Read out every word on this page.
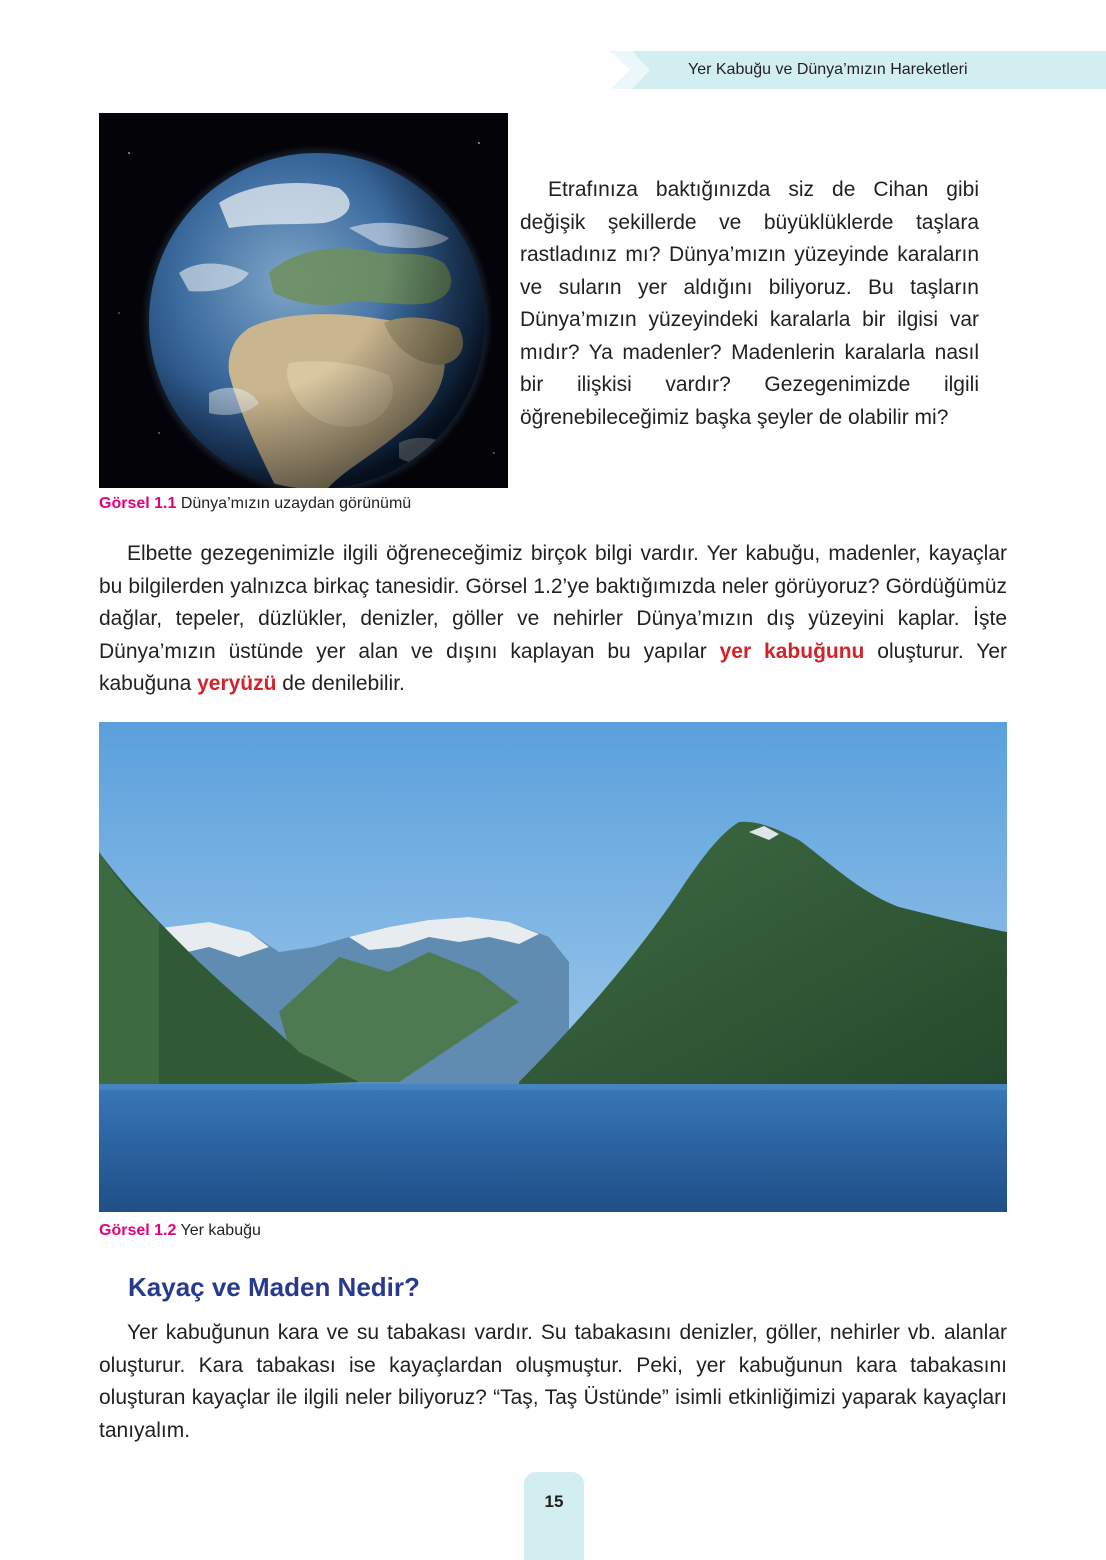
Yer Kabuğu ve Dünya’mızın Hareketleri
Görsel 1.1 Dünya’mızın uzaydan görünümü

Etrafınıza baktığınızda siz de Cihan gibi değişik şekillerde ve büyüklüklerde taşlara rastladınız mı? Dünya’mızın yüzeyinde karaların ve suların yer aldığını biliyoruz. Bu taşların Dünya’mızın yüzeyindeki karalarla bir ilgisi var mıdır? Ya madenler? Madenlerin karalarla nasıl bir ilişkisi vardır? Gezegenimizde ilgili öğrenebileceğimiz başka şeyler de olabilir mi?

Elbette gezegenimizle ilgili öğreneceğimiz birçok bilgi vardır. Yer kabuğu, madenler, kayaçlar bu bilgilerden yalnızca birkaç tanesidir. Görsel 1.2’ye baktığımızda neler görüyoruz? Gördüğümüz dağlar, tepeler, düzlükler, denizler, göller ve nehirler Dünya’mızın dış yüzeyini kaplar. İşte Dünya’mızın üstünde yer alan ve dışını kaplayan bu yapılar yer kabuğunu oluşturur. Yer kabuğuna yeryüzü de denilebilir.

Görsel 1.2 Yer kabuğu
Kayaç ve Maden Nedir?

Yer kabuğunun kara ve su tabakası vardır. Su tabakasını denizler, göller, nehirler vb. alanlar oluşturur. Kara tabakası ise kayaçlardan oluşmuştur. Peki, yer kabuğunun kara tabakasını oluşturan kayaçlar ile ilgili neler biliyoruz? “Taş, Taş Üstünde” isimli etkinliğimizi yaparak kayaçları tanıyalım.

15
